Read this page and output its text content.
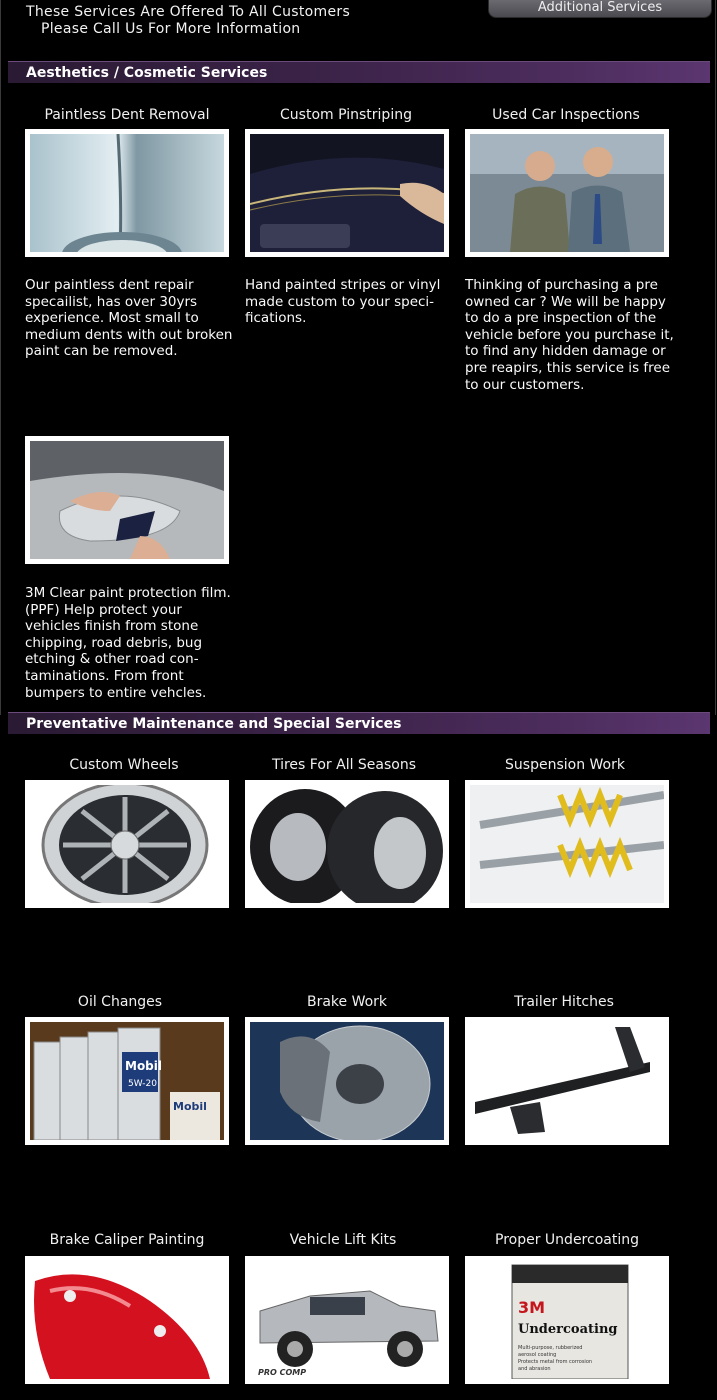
These Services Are Offered To All Customers
Please Call Us For More Information
Additional Services
Aesthetics / Cosmetic Services
Paintless Dent Removal
Our paintless dent repair specailist, has over 30yrs experience. Most small to medium dents with out broken paint can be removed.
Custom Pinstriping
Hand painted stripes or vinyl made custom to your speci-fications.
Used Car Inspections
Thinking of purchasing a pre owned car ? We will be happy to do a pre inspection of the vehicle before you purchase it, to find any hidden damage or pre reapirs, this service is free to our customers.
3M Clear paint protection film. (PPF) Help protect your vehicles finish from stone chipping, road debris, bug etching & other road con-taminations. From front bumpers to entire vehcles.
Preventative Maintenance and Special Services
Custom Wheels	Tires For All Seasons	Suspension Work
Oil Changes
Mobil
5W-20
Mobil
Brake Work	Trailer Hitches
Brake Caliper Painting	Vehicle Lift Kits
PRO COMP
Proper Undercoating
3M
Undercoating
Multi-purpose, rubberized
aerosol coating
Protects metal from corrosion
and abrasion
